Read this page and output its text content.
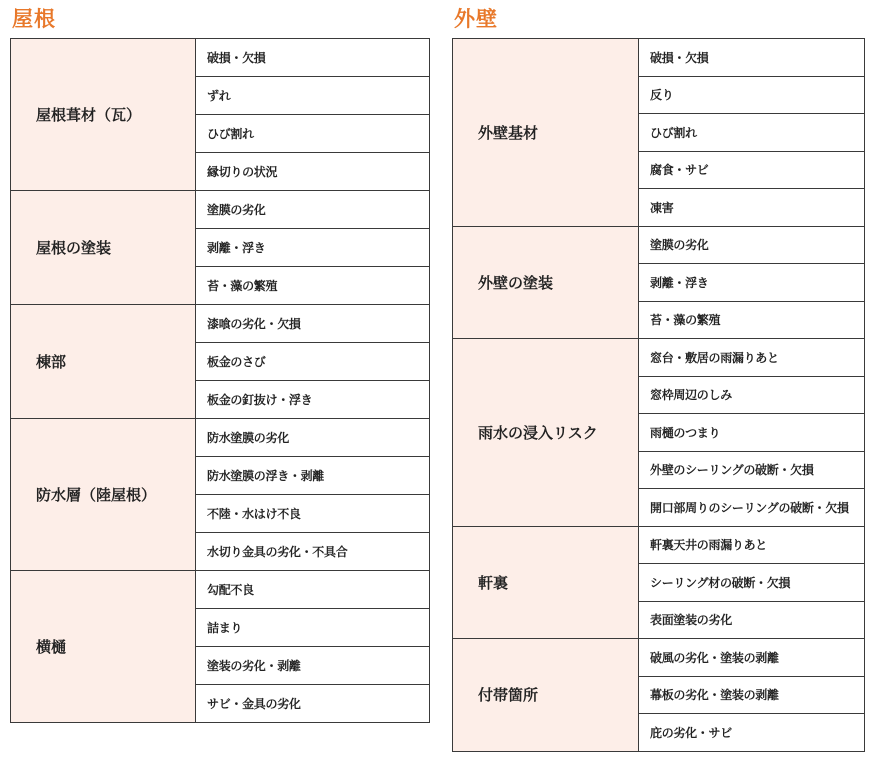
屋根
屋根葺材（瓦）	破損・欠損
	ずれ
	ひび割れ
	縁切りの状況
屋根の塗装	塗膜の劣化
	剥離・浮き
	苔・藻の繁殖
棟部	漆喰の劣化・欠損
	板金のさび
	板金の釘抜け・浮き
防水層（陸屋根）	防水塗膜の劣化
	防水塗膜の浮き・剥離
	不陸・水はけ不良
	水切り金具の劣化・不具合
横樋	勾配不良
	詰まり
	塗装の劣化・剥離
	サビ・金具の劣化
外壁
外壁基材	破損・欠損
	反り
	ひび割れ
	腐食・サビ
	凍害
外壁の塗装	塗膜の劣化
	剥離・浮き
	苔・藻の繁殖
雨水の浸入リスク	窓台・敷居の雨漏りあと
	窓枠周辺のしみ
	雨樋のつまり
	外壁のシーリングの破断・欠損
	開口部周りのシーリングの破断・欠損
軒裏	軒裏天井の雨漏りあと
	シーリング材の破断・欠損
	表面塗装の劣化
付帯箇所	破風の劣化・塗装の剥離
	幕板の劣化・塗装の剥離
	庇の劣化・サビ
